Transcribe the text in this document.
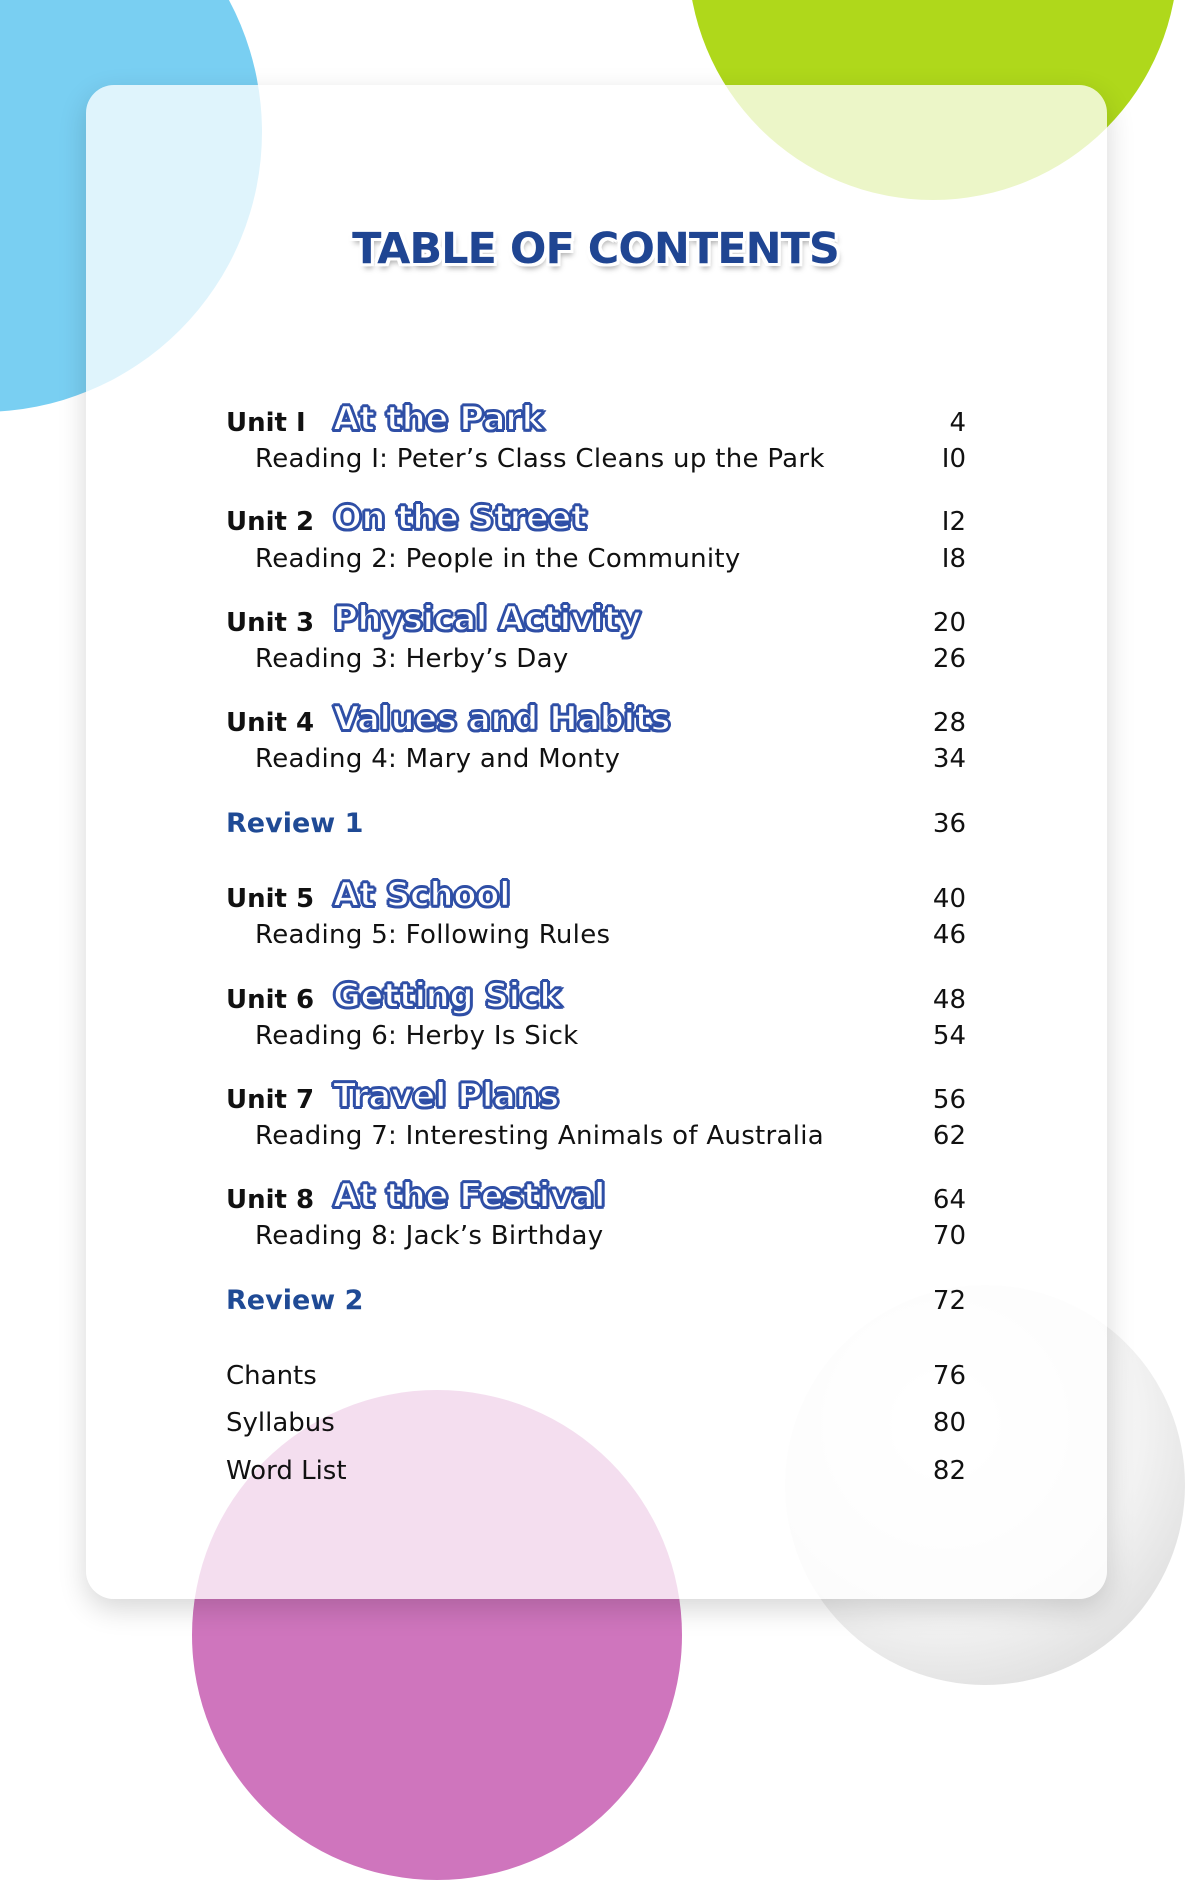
TABLE OF CONTENTS
Unit I At the Park	4
Reading I: Peter’s Class Cleans up the Park	I0
Unit 2 On the Street	I2
Reading 2: People in the Community	I8
Unit 3 Physical Activity	20
Reading 3: Herby’s Day	26
Unit 4 Values and Habits	28
Reading 4: Mary and Monty	34
Review 1	36
Unit 5 At School	40
Reading 5: Following Rules	46
Unit 6 Getting Sick	48
Reading 6: Herby Is Sick	54
Unit 7 Travel Plans	56
Reading 7: Interesting Animals of Australia	62
Unit 8 At the Festival	64
Reading 8: Jack’s Birthday	70
Review 2	72
Chants	76
Syllabus	80
Word List	82
